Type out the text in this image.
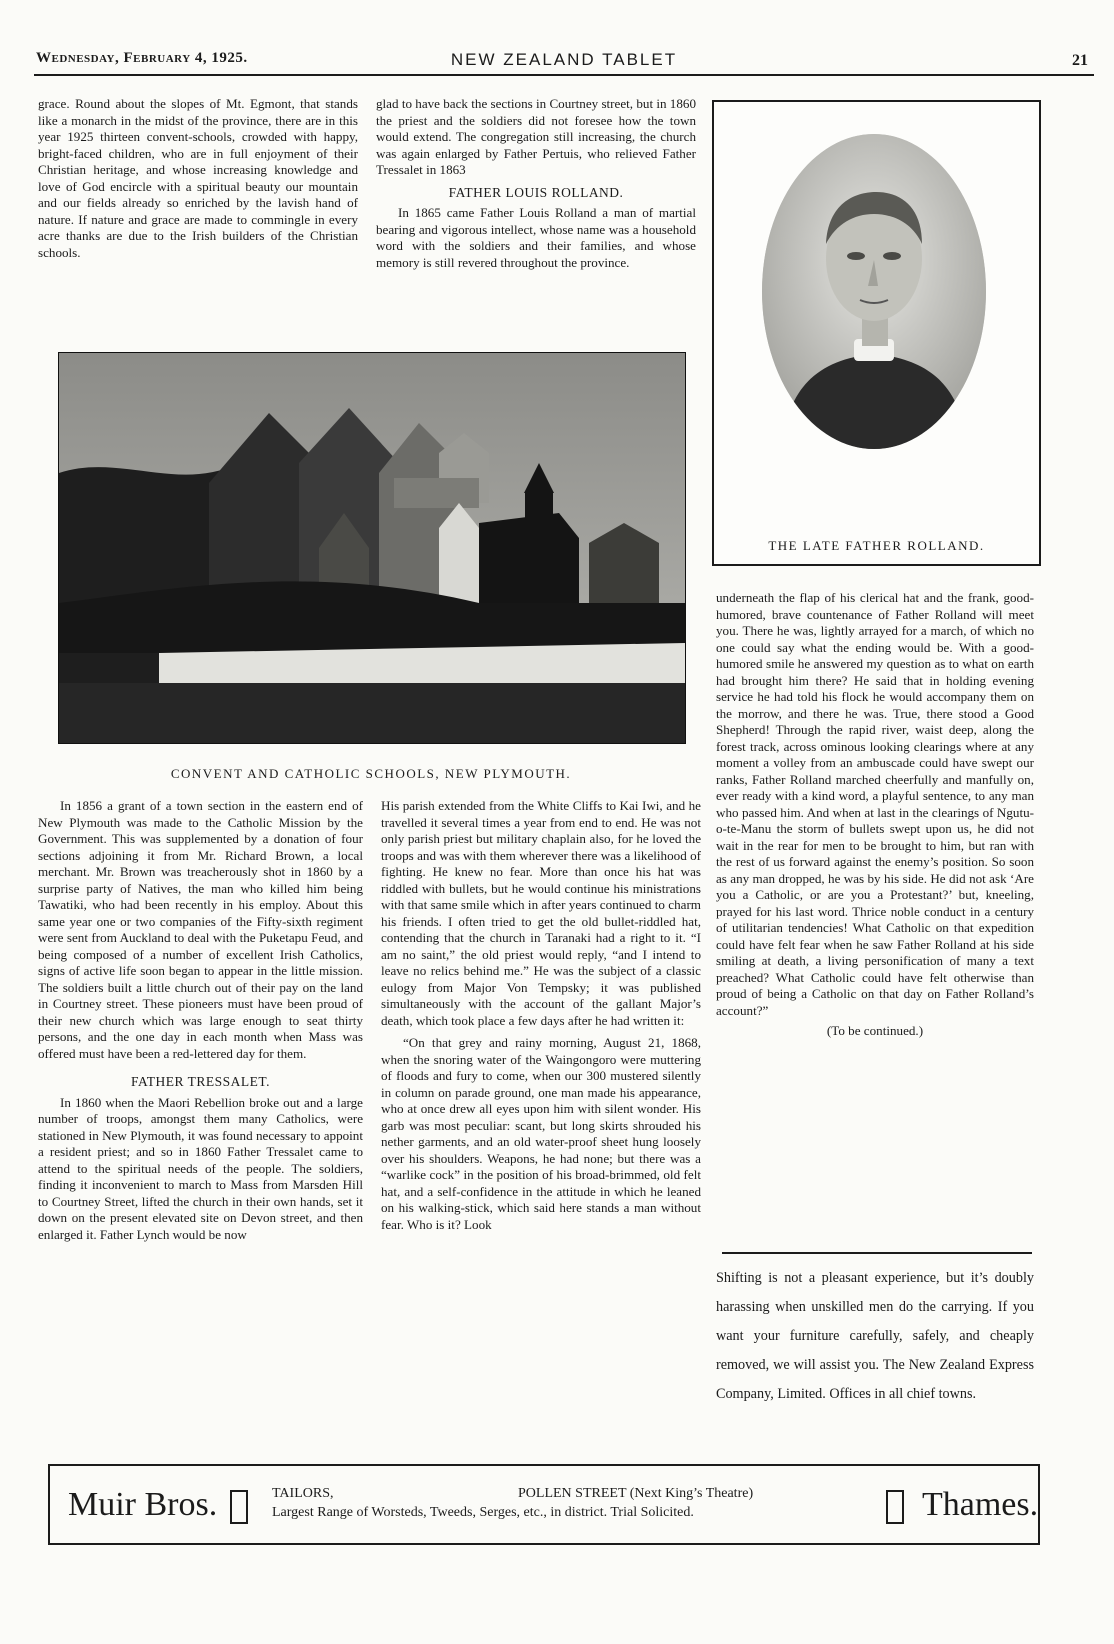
Wednesday, February 4, 1925.	NEW ZEALAND TABLET	21

grace. Round about the slopes of Mt. Egmont, that stands like a monarch in the midst of the province, there are in this year 1925 thirteen convent-schools, crowded with happy, bright-faced children, who are in full enjoyment of their Christian heritage, and whose increasing knowledge and love of God encircle with a spiritual beauty our mountain and our fields already so enriched by the lavish hand of nature. If nature and grace are made to commingle in every acre thanks are due to the Irish builders of the Christian schools.

glad to have back the sections in Courtney street, but in 1860 the priest and the soldiers did not foresee how the town would extend. The congregation still increasing, the church was again enlarged by Father Pertuis, who relieved Father Tressalet in 1863

FATHER LOUIS ROLLAND.

In 1865 came Father Louis Rolland a man of martial bearing and vigorous intellect, whose name was a household word with the soldiers and their families, and whose memory is still revered throughout the province.

THE LATE FATHER ROLLAND.
CONVENT AND CATHOLIC SCHOOLS, NEW PLYMOUTH.

In 1856 a grant of a town section in the eastern end of New Plymouth was made to the Catholic Mission by the Government. This was supplemented by a donation of four sections adjoining it from Mr. Richard Brown, a local merchant. Mr. Brown was treacherously shot in 1860 by a surprise party of Natives, the man who killed him being Tawatiki, who had been recently in his employ. About this same year one or two companies of the Fifty-sixth regiment were sent from Auckland to deal with the Puketapu Feud, and being composed of a number of excellent Irish Catholics, signs of active life soon began to appear in the little mission. The soldiers built a little church out of their pay on the land in Courtney street. These pioneers must have been proud of their new church which was large enough to seat thirty persons, and the one day in each month when Mass was offered must have been a red-lettered day for them.

FATHER TRESSALET.

In 1860 when the Maori Rebellion broke out and a large number of troops, amongst them many Catholics, were stationed in New Plymouth, it was found necessary to appoint a resident priest; and so in 1860 Father Tressalet came to attend to the spiritual needs of the people. The soldiers, finding it inconvenient to march to Mass from Marsden Hill to Courtney Street, lifted the church in their own hands, set it down on the present elevated site on Devon street, and then enlarged it. Father Lynch would be now

His parish extended from the White Cliffs to Kai Iwi, and he travelled it several times a year from end to end. He was not only parish priest but military chaplain also, for he loved the troops and was with them wherever there was a likelihood of fighting. He knew no fear. More than once his hat was riddled with bullets, but he would continue his ministrations with that same smile which in after years continued to charm his friends. I often tried to get the old bullet-riddled hat, contending that the church in Taranaki had a right to it. “I am no saint,” the old priest would reply, “and I intend to leave no relics behind me.” He was the subject of a classic eulogy from Major Von Tempsky; it was published simultaneously with the account of the gallant Major’s death, which took place a few days after he had written it:

“On that grey and rainy morning, August 21, 1868, when the snoring water of the Waingongoro were muttering of floods and fury to come, when our 300 mustered silently in column on parade ground, one man made his appearance, who at once drew all eyes upon him with silent wonder. His garb was most peculiar: scant, but long skirts shrouded his nether garments, and an old water-proof sheet hung loosely over his shoulders. Weapons, he had none; but there was a “warlike cock” in the position of his broad-brimmed, old felt hat, and a self-confidence in the attitude in which he leaned on his walking-stick, which said here stands a man without fear. Who is it? Look

underneath the flap of his clerical hat and the frank, good-humored, brave countenance of Father Rolland will meet you. There he was, lightly arrayed for a march, of which no one could say what the ending would be. With a good-humored smile he answered my question as to what on earth had brought him there? He said that in holding evening service he had told his flock he would accompany them on the morrow, and there he was. True, there stood a Good Shepherd! Through the rapid river, waist deep, along the forest track, across ominous looking clearings where at any moment a volley from an ambuscade could have swept our ranks, Father Rolland marched cheerfully and manfully on, ever ready with a kind word, a playful sentence, to any man who passed him. And when at last in the clearings of Ngutu-o-te-Manu the storm of bullets swept upon us, he did not wait in the rear for men to be brought to him, but ran with the rest of us forward against the enemy’s position. So soon as any man dropped, he was by his side. He did not ask ‘Are you a Catholic, or are you a Protestant?’ but, kneeling, prayed for his last word. Thrice noble conduct in a century of utilitarian tendencies! What Catholic on that expedition could have felt fear when he saw Father Rolland at his side smiling at death, a living personification of many a text preached? What Catholic could have felt otherwise than proud of being a Catholic on that day on Father Rolland’s account?”

(To be continued.)

Shifting is not a pleasant experience, but it’s doubly harassing when unskilled men do the carrying. If you want your furniture carefully, safely, and cheaply removed, we will assist you. The New Zealand Express Company, Limited. Offices in all chief towns.
Muir Bros.	TAILORS,	POLLEN STREET (Next King’s Theatre)
Largest Range of Worsteds, Tweeds, Serges, etc., in district. Trial Solicited.	Thames.
